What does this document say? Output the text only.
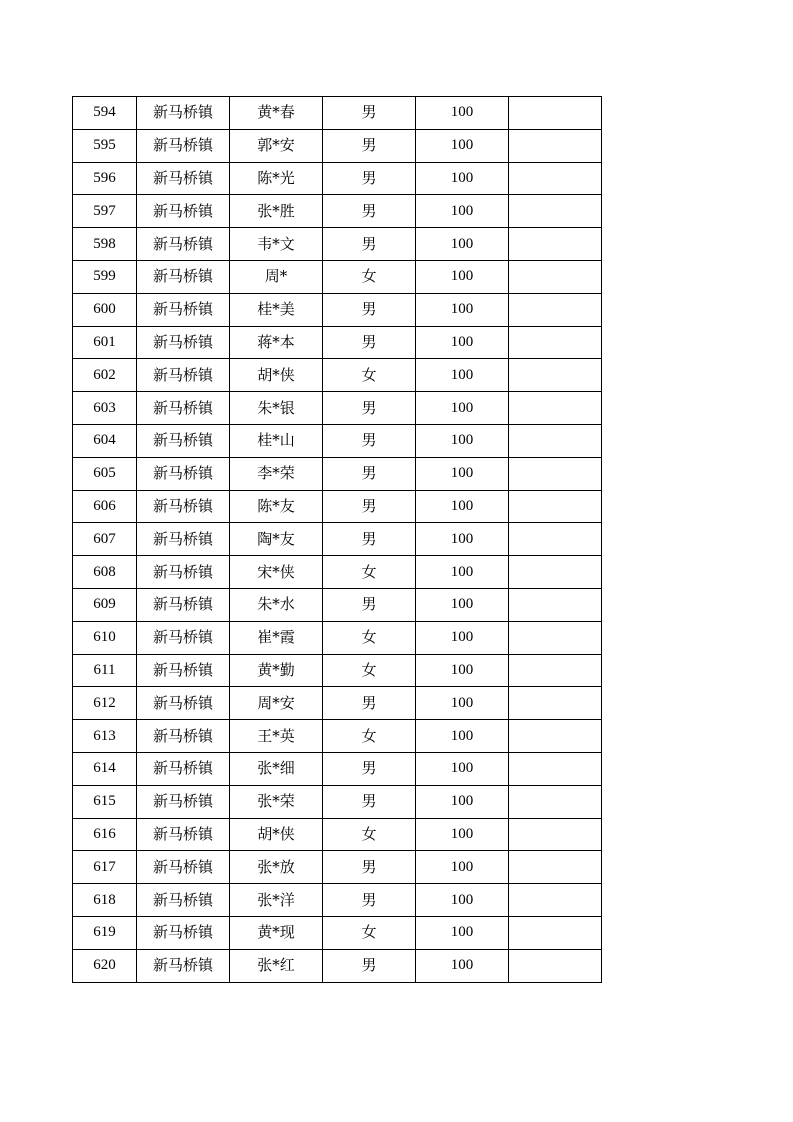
594	新马桥镇	黄*春	男	100	
595	新马桥镇	郭*安	男	100	
596	新马桥镇	陈*光	男	100	
597	新马桥镇	张*胜	男	100	
598	新马桥镇	韦*文	男	100	
599	新马桥镇	周*	女	100	
600	新马桥镇	桂*美	男	100	
601	新马桥镇	蒋*本	男	100	
602	新马桥镇	胡*侠	女	100	
603	新马桥镇	朱*银	男	100	
604	新马桥镇	桂*山	男	100	
605	新马桥镇	李*荣	男	100	
606	新马桥镇	陈*友	男	100	
607	新马桥镇	陶*友	男	100	
608	新马桥镇	宋*侠	女	100	
609	新马桥镇	朱*水	男	100	
610	新马桥镇	崔*霞	女	100	
611	新马桥镇	黄*勤	女	100	
612	新马桥镇	周*安	男	100	
613	新马桥镇	王*英	女	100	
614	新马桥镇	张*细	男	100	
615	新马桥镇	张*荣	男	100	
616	新马桥镇	胡*侠	女	100	
617	新马桥镇	张*放	男	100	
618	新马桥镇	张*洋	男	100	
619	新马桥镇	黄*现	女	100	
620	新马桥镇	张*红	男	100	
